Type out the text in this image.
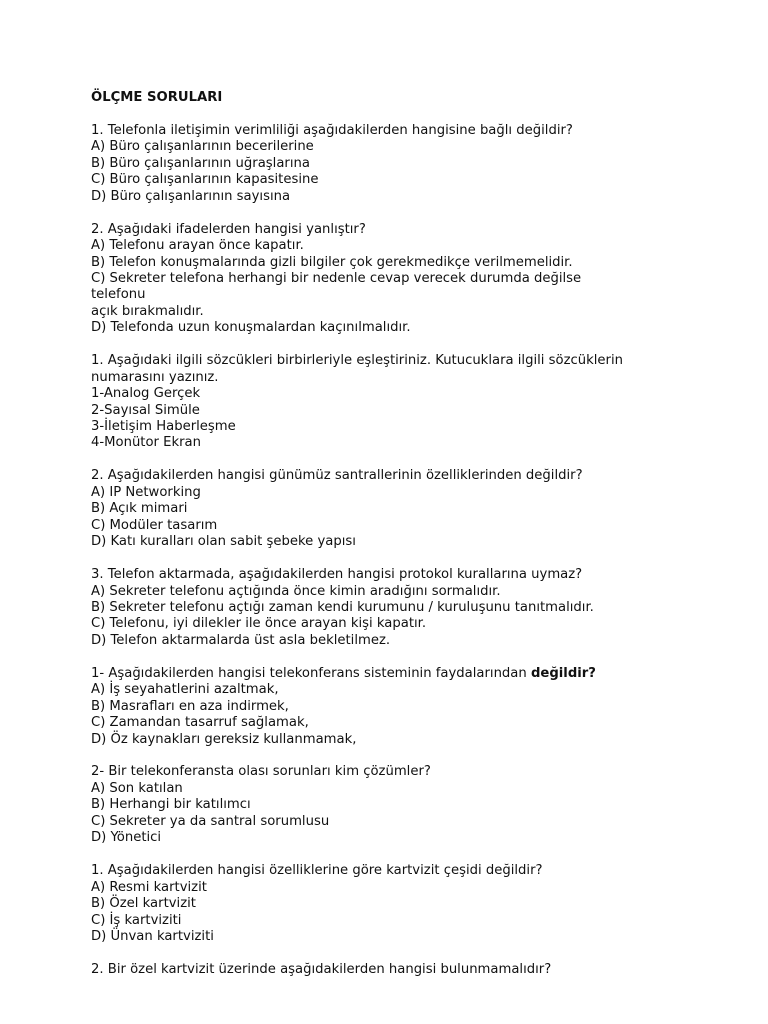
ÖLÇME SORULARI
1. Telefonla iletişimin verimliliği aşağıdakilerden hangisine bağlı değildir?
A) Büro çalışanlarının becerilerine
B) Büro çalışanlarının uğraşlarına
C) Büro çalışanlarının kapasitesine
D) Büro çalışanlarının sayısına
2. Aşağıdaki ifadelerden hangisi yanlıştır?
A) Telefonu arayan önce kapatır.
B) Telefon konuşmalarında gizli bilgiler çok gerekmedikçe verilmemelidir.
C) Sekreter telefona herhangi bir nedenle cevap verecek durumda değilse
telefonu
açık bırakmalıdır.
D) Telefonda uzun konuşmalardan kaçınılmalıdır.
1. Aşağıdaki ilgili sözcükleri birbirleriyle eşleştiriniz. Kutucuklara ilgili sözcüklerin
numarasını yazınız.
1-Analog Gerçek
2-Sayısal Simüle
3-İletişim Haberleşme
4-Monütor Ekran
2. Aşağıdakilerden hangisi günümüz santrallerinin özelliklerinden değildir?
A) IP Networking
B) Açık mimari
C) Modüler tasarım
D) Katı kuralları olan sabit şebeke yapısı
3. Telefon aktarmada, aşağıdakilerden hangisi protokol kurallarına uymaz?
A) Sekreter telefonu açtığında önce kimin aradığını sormalıdır.
B) Sekreter telefonu açtığı zaman kendi kurumunu / kuruluşunu tanıtmalıdır.
C) Telefonu, iyi dilekler ile önce arayan kişi kapatır.
D) Telefon aktarmalarda üst asla bekletilmez.
1- Aşağıdakilerden hangisi telekonferans sisteminin faydalarından değildir?
A) İş seyahatlerini azaltmak,
B) Masrafları en aza indirmek,
C) Zamandan tasarruf sağlamak,
D) Öz kaynakları gereksiz kullanmamak,
2- Bir telekonferansta olası sorunları kim çözümler?
A) Son katılan
B) Herhangi bir katılımcı
C) Sekreter ya da santral sorumlusu
D) Yönetici
1. Aşağıdakilerden hangisi özelliklerine göre kartvizit çeşidi değildir?
A) Resmi kartvizit
B) Özel kartvizit
C) İş kartviziti
D) Ünvan kartviziti
2. Bir özel kartvizit üzerinde aşağıdakilerden hangisi bulunmamalıdır?
